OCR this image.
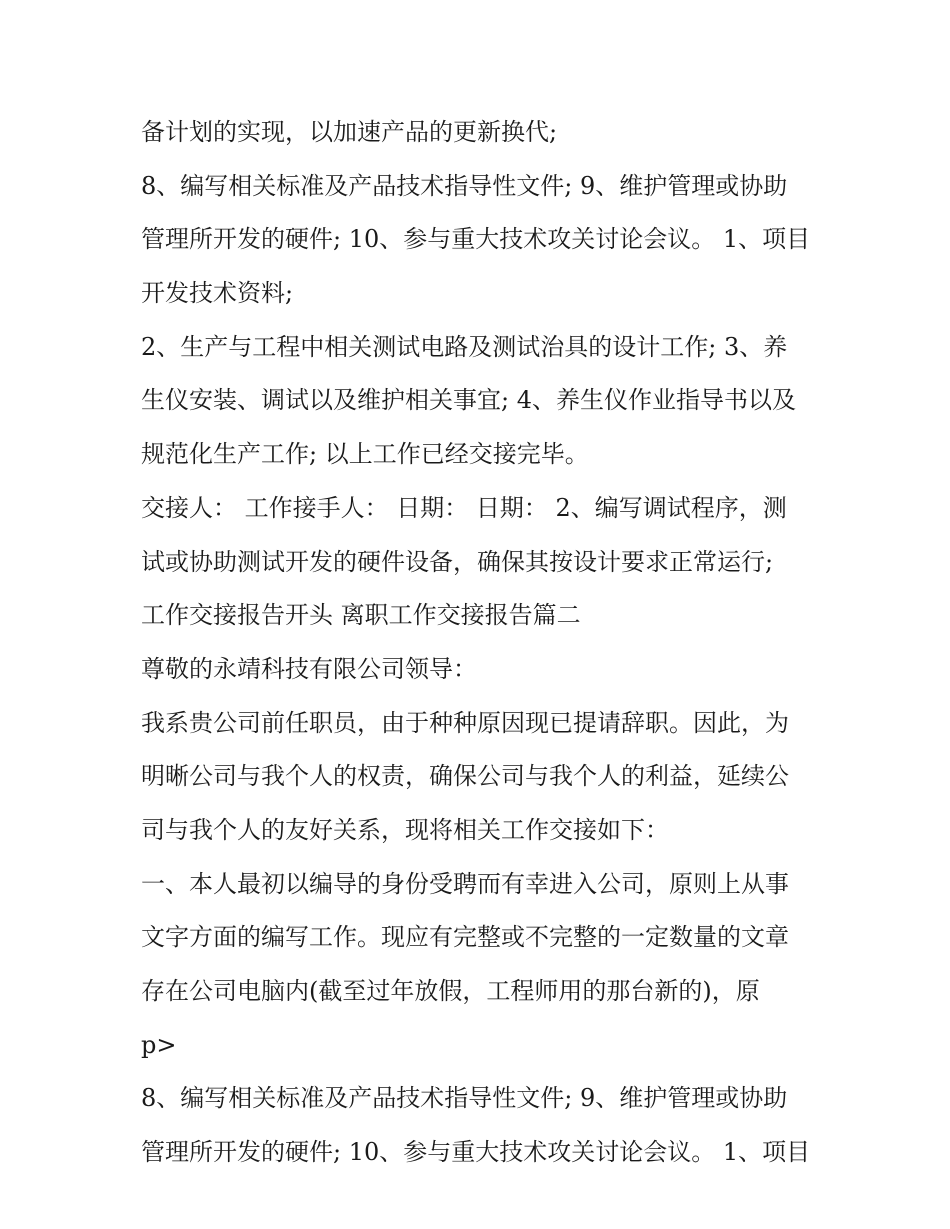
备计划的实现，以加速产品的更新换代;
8、编写相关标准及产品技术指导性文件; 9、维护管理或协助
管理所开发的硬件; 10、参与重大技术攻关讨论会议。 1、项目
开发技术资料;
2、生产与工程中相关测试电路及测试治具的设计工作; 3、养
生仪安装、调试以及维护相关事宜; 4、养生仪作业指导书以及
规范化生产工作; 以上工作已经交接完毕。
交接人： 工作接手人： 日期： 日期： 2、编写调试程序，测
试或协助测试开发的硬件设备，确保其按设计要求正常运行;
工作交接报告开头 离职工作交接报告篇二
尊敬的永靖科技有限公司领导：
我系贵公司前任职员，由于种种原因现已提请辞职。因此，为
明晰公司与我个人的权责，确保公司与我个人的利益，延续公
司与我个人的友好关系，现将相关工作交接如下：
一、本人最初以编导的身份受聘而有幸进入公司，原则上从事
文字方面的编写工作。现应有完整或不完整的一定数量的文章
存在公司电脑内(截至过年放假，工程师用的那台新的)，原
p>
8、编写相关标准及产品技术指导性文件; 9、维护管理或协助
管理所开发的硬件; 10、参与重大技术攻关讨论会议。 1、项目
